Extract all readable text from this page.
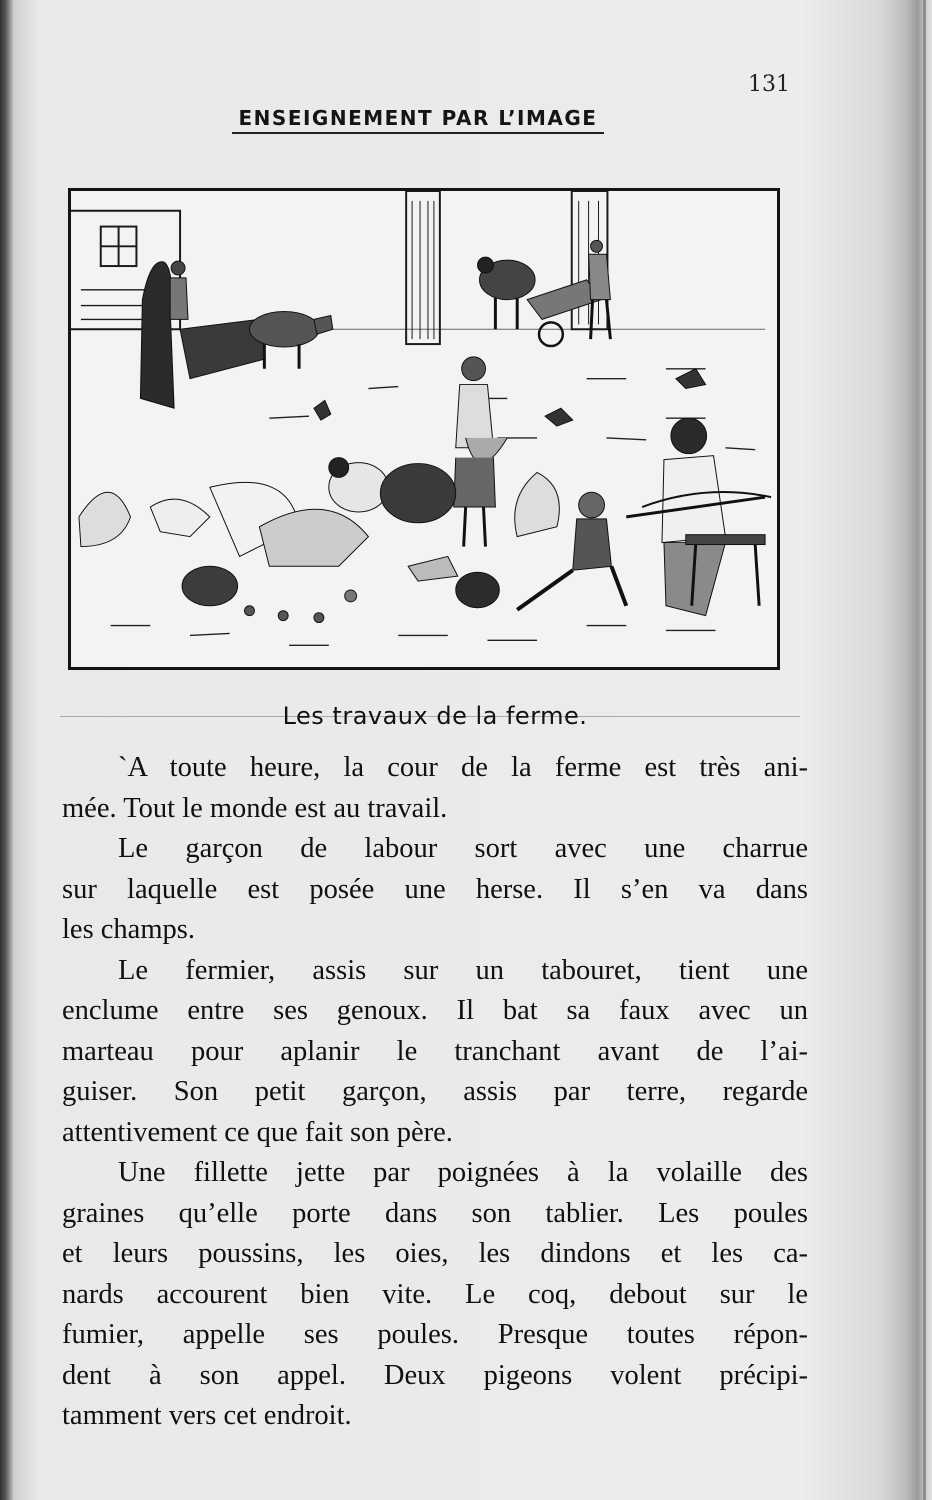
131
ENSEIGNEMENT PAR L’IMAGE
Les travaux de la ferme.

`A toute heure, la cour de la ferme est très ani-
mée. Tout le monde est au travail.

Le garçon de labour sort avec une charrue
sur laquelle est posée une herse. Il s’en va dans
les champs.

Le fermier, assis sur un tabouret, tient une
enclume entre ses genoux. Il bat sa faux avec un
marteau pour aplanir le tranchant avant de l’ai-
guiser. Son petit garçon, assis par terre, regarde
attentivement ce que fait son père.

Une fillette jette par poignées à la volaille des
graines qu’elle porte dans son tablier. Les poules
et leurs poussins, les oies, les dindons et les ca-
nards accourent bien vite. Le coq, debout sur le
fumier, appelle ses poules. Presque toutes répon-
dent à son appel. Deux pigeons volent précipi-
tamment vers cet endroit.
